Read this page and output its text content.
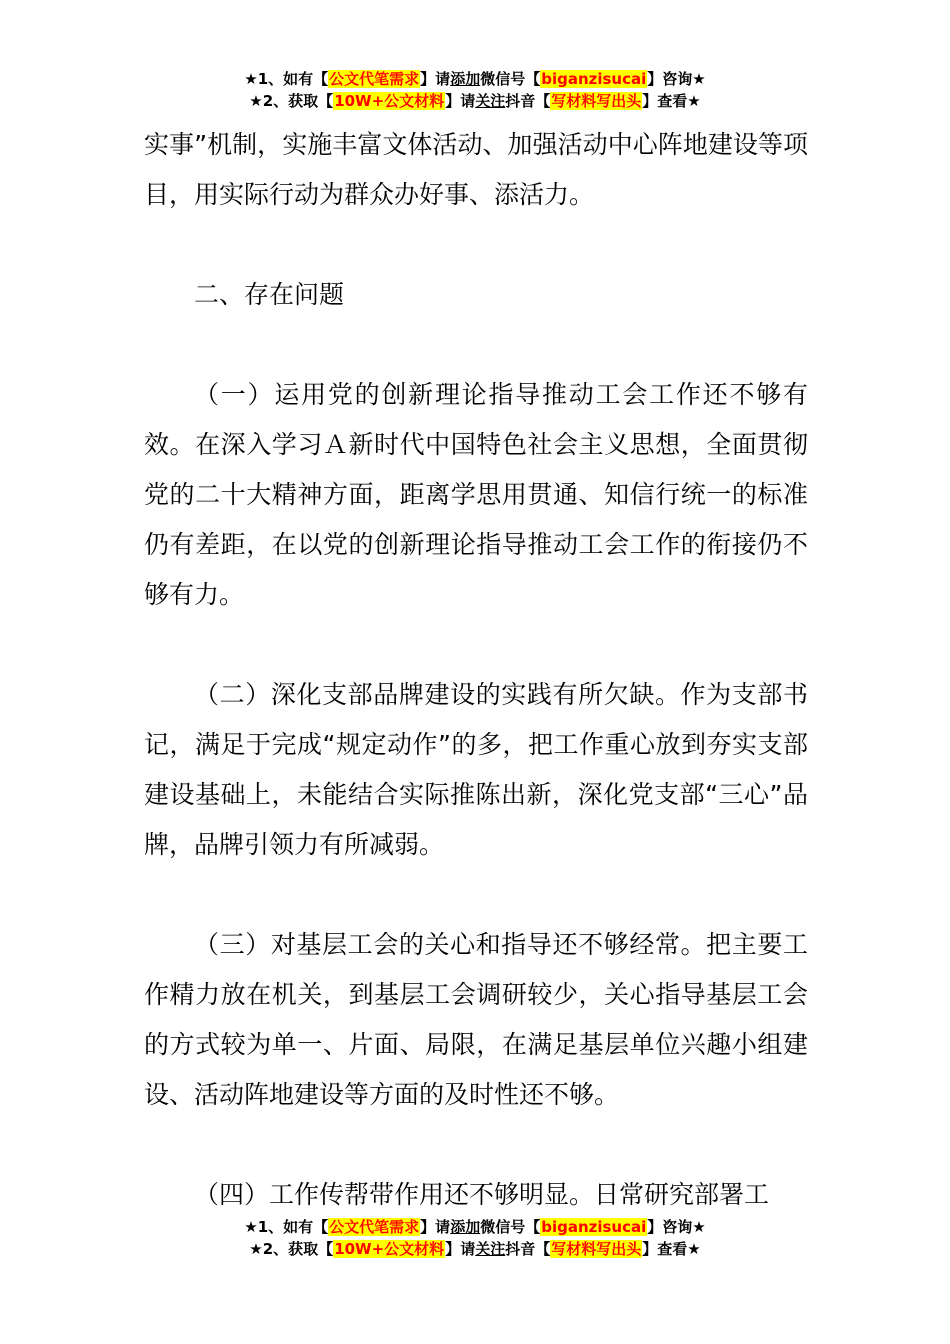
★1、如有【公文代笔需求】请添加微信号【biganzisucai】咨询★
★2、获取【10W+公文材料】请关注抖音【写材料写出头】查看★

实事”机制，实施丰富文体活动、加强活动中心阵地建设等项目，用实际行动为群众办好事、添活力。

二、存在问题

（一）运用党的创新理论指导推动工会工作还不够有效。在深入学习Ａ新时代中国特色社会主义思想，全面贯彻党的二十大精神方面，距离学思用贯通、知信行统一的标准仍有差距，在以党的创新理论指导推动工会工作的衔接仍不够有力。

（二）深化支部品牌建设的实践有所欠缺。作为支部书记，满足于完成“规定动作”的多，把工作重心放到夯实支部建设基础上，未能结合实际推陈出新，深化党支部“三心”品牌，品牌引领力有所减弱。

（三）对基层工会的关心和指导还不够经常。把主要工作精力放在机关，到基层工会调研较少，关心指导基层工会的方式较为单一、片面、局限，在满足基层单位兴趣小组建设、活动阵地建设等方面的及时性还不够。

（四）工作传帮带作用还不够明显。日常研究部署工

★1、如有【公文代笔需求】请添加微信号【biganzisucai】咨询★
★2、获取【10W+公文材料】请关注抖音【写材料写出头】查看★
